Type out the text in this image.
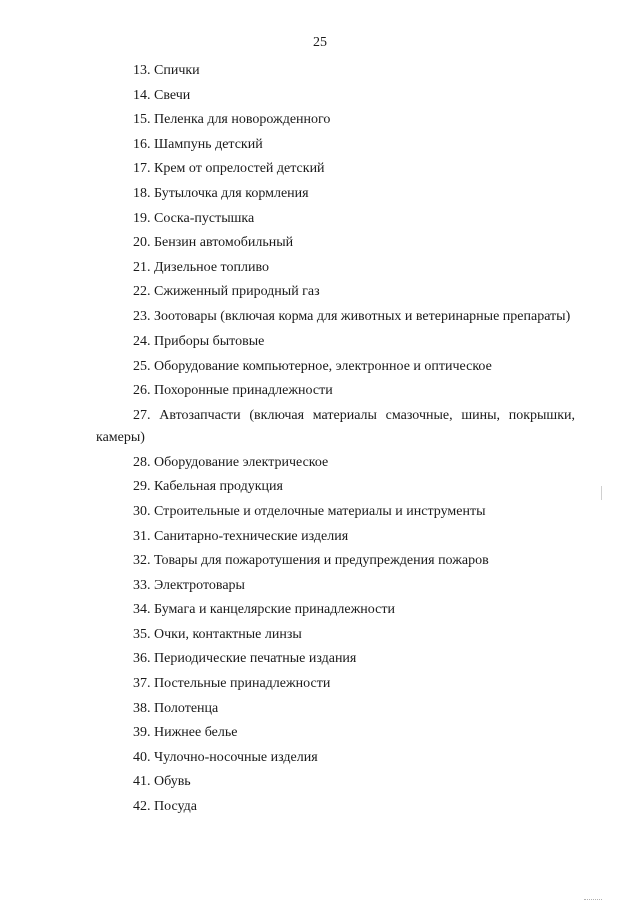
25
13. Спички
14. Свечи
15. Пеленка для новорожденного
16. Шампунь детский
17. Крем от опрелостей детский
18. Бутылочка для кормления
19. Соска-пустышка
20. Бензин автомобильный
21. Дизельное топливо
22. Сжиженный природный газ
23. Зоотовары (включая корма для животных и ветеринарные препараты)
24. Приборы бытовые
25. Оборудование компьютерное, электронное и оптическое
26. Похоронные принадлежности
27. Автозапчасти (включая материалы смазочные, шины, покрышки, камеры)
28. Оборудование электрическое
29. Кабельная продукция
30. Строительные и отделочные материалы и инструменты
31. Санитарно-технические изделия
32. Товары для пожаротушения и предупреждения пожаров
33. Электротовары
34. Бумага и канцелярские принадлежности
35. Очки, контактные линзы
36. Периодические печатные издания
37. Постельные принадлежности
38. Полотенца
39. Нижнее белье
40. Чулочно-носочные изделия
41. Обувь
42. Посуда
